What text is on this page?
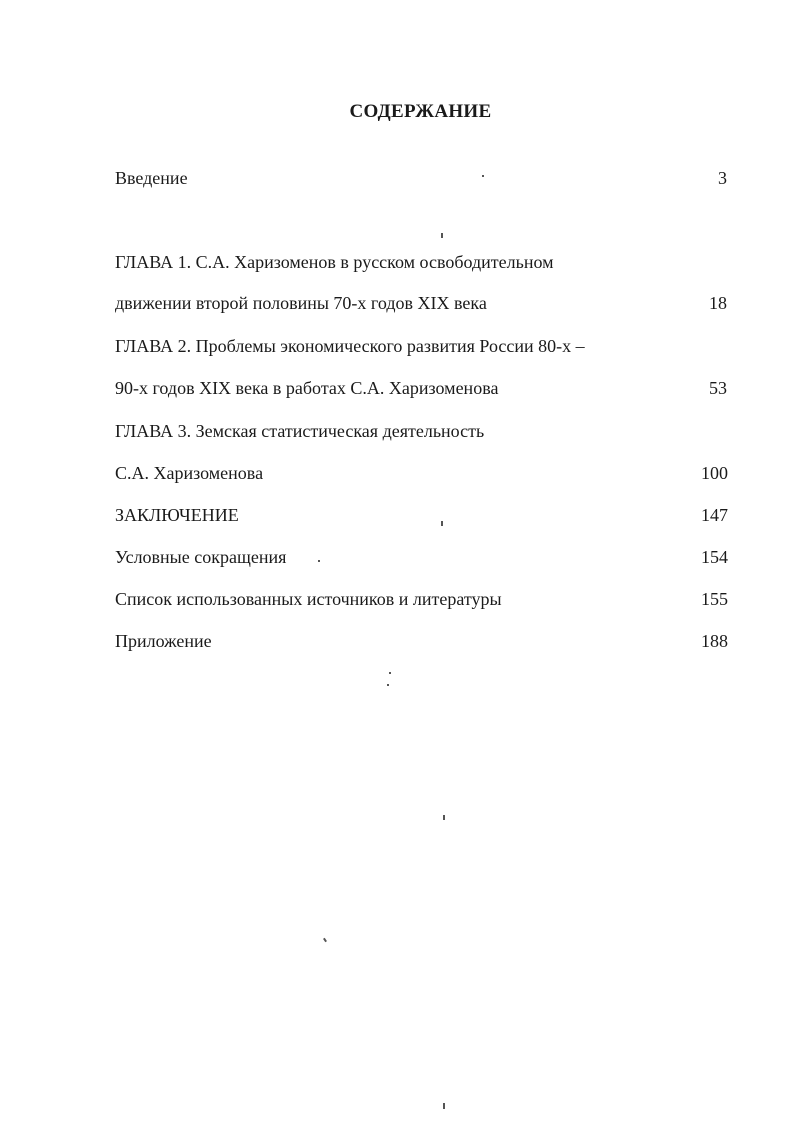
СОДЕРЖАНИЕ
Введение	3
ГЛАВА 1. С.А. Харизоменов в русском освободительном
движении второй половины 70-х годов XIX века	18
ГЛАВА 2. Проблемы экономического развития России 80-х –
90-х годов XIX века в работах С.А. Харизоменова	53
ГЛАВА 3. Земская статистическая деятельность
С.А. Харизоменова	100
ЗАКЛЮЧЕНИЕ	147
Условные сокращения	154
Список использованных источников и литературы	155
Приложение	188
